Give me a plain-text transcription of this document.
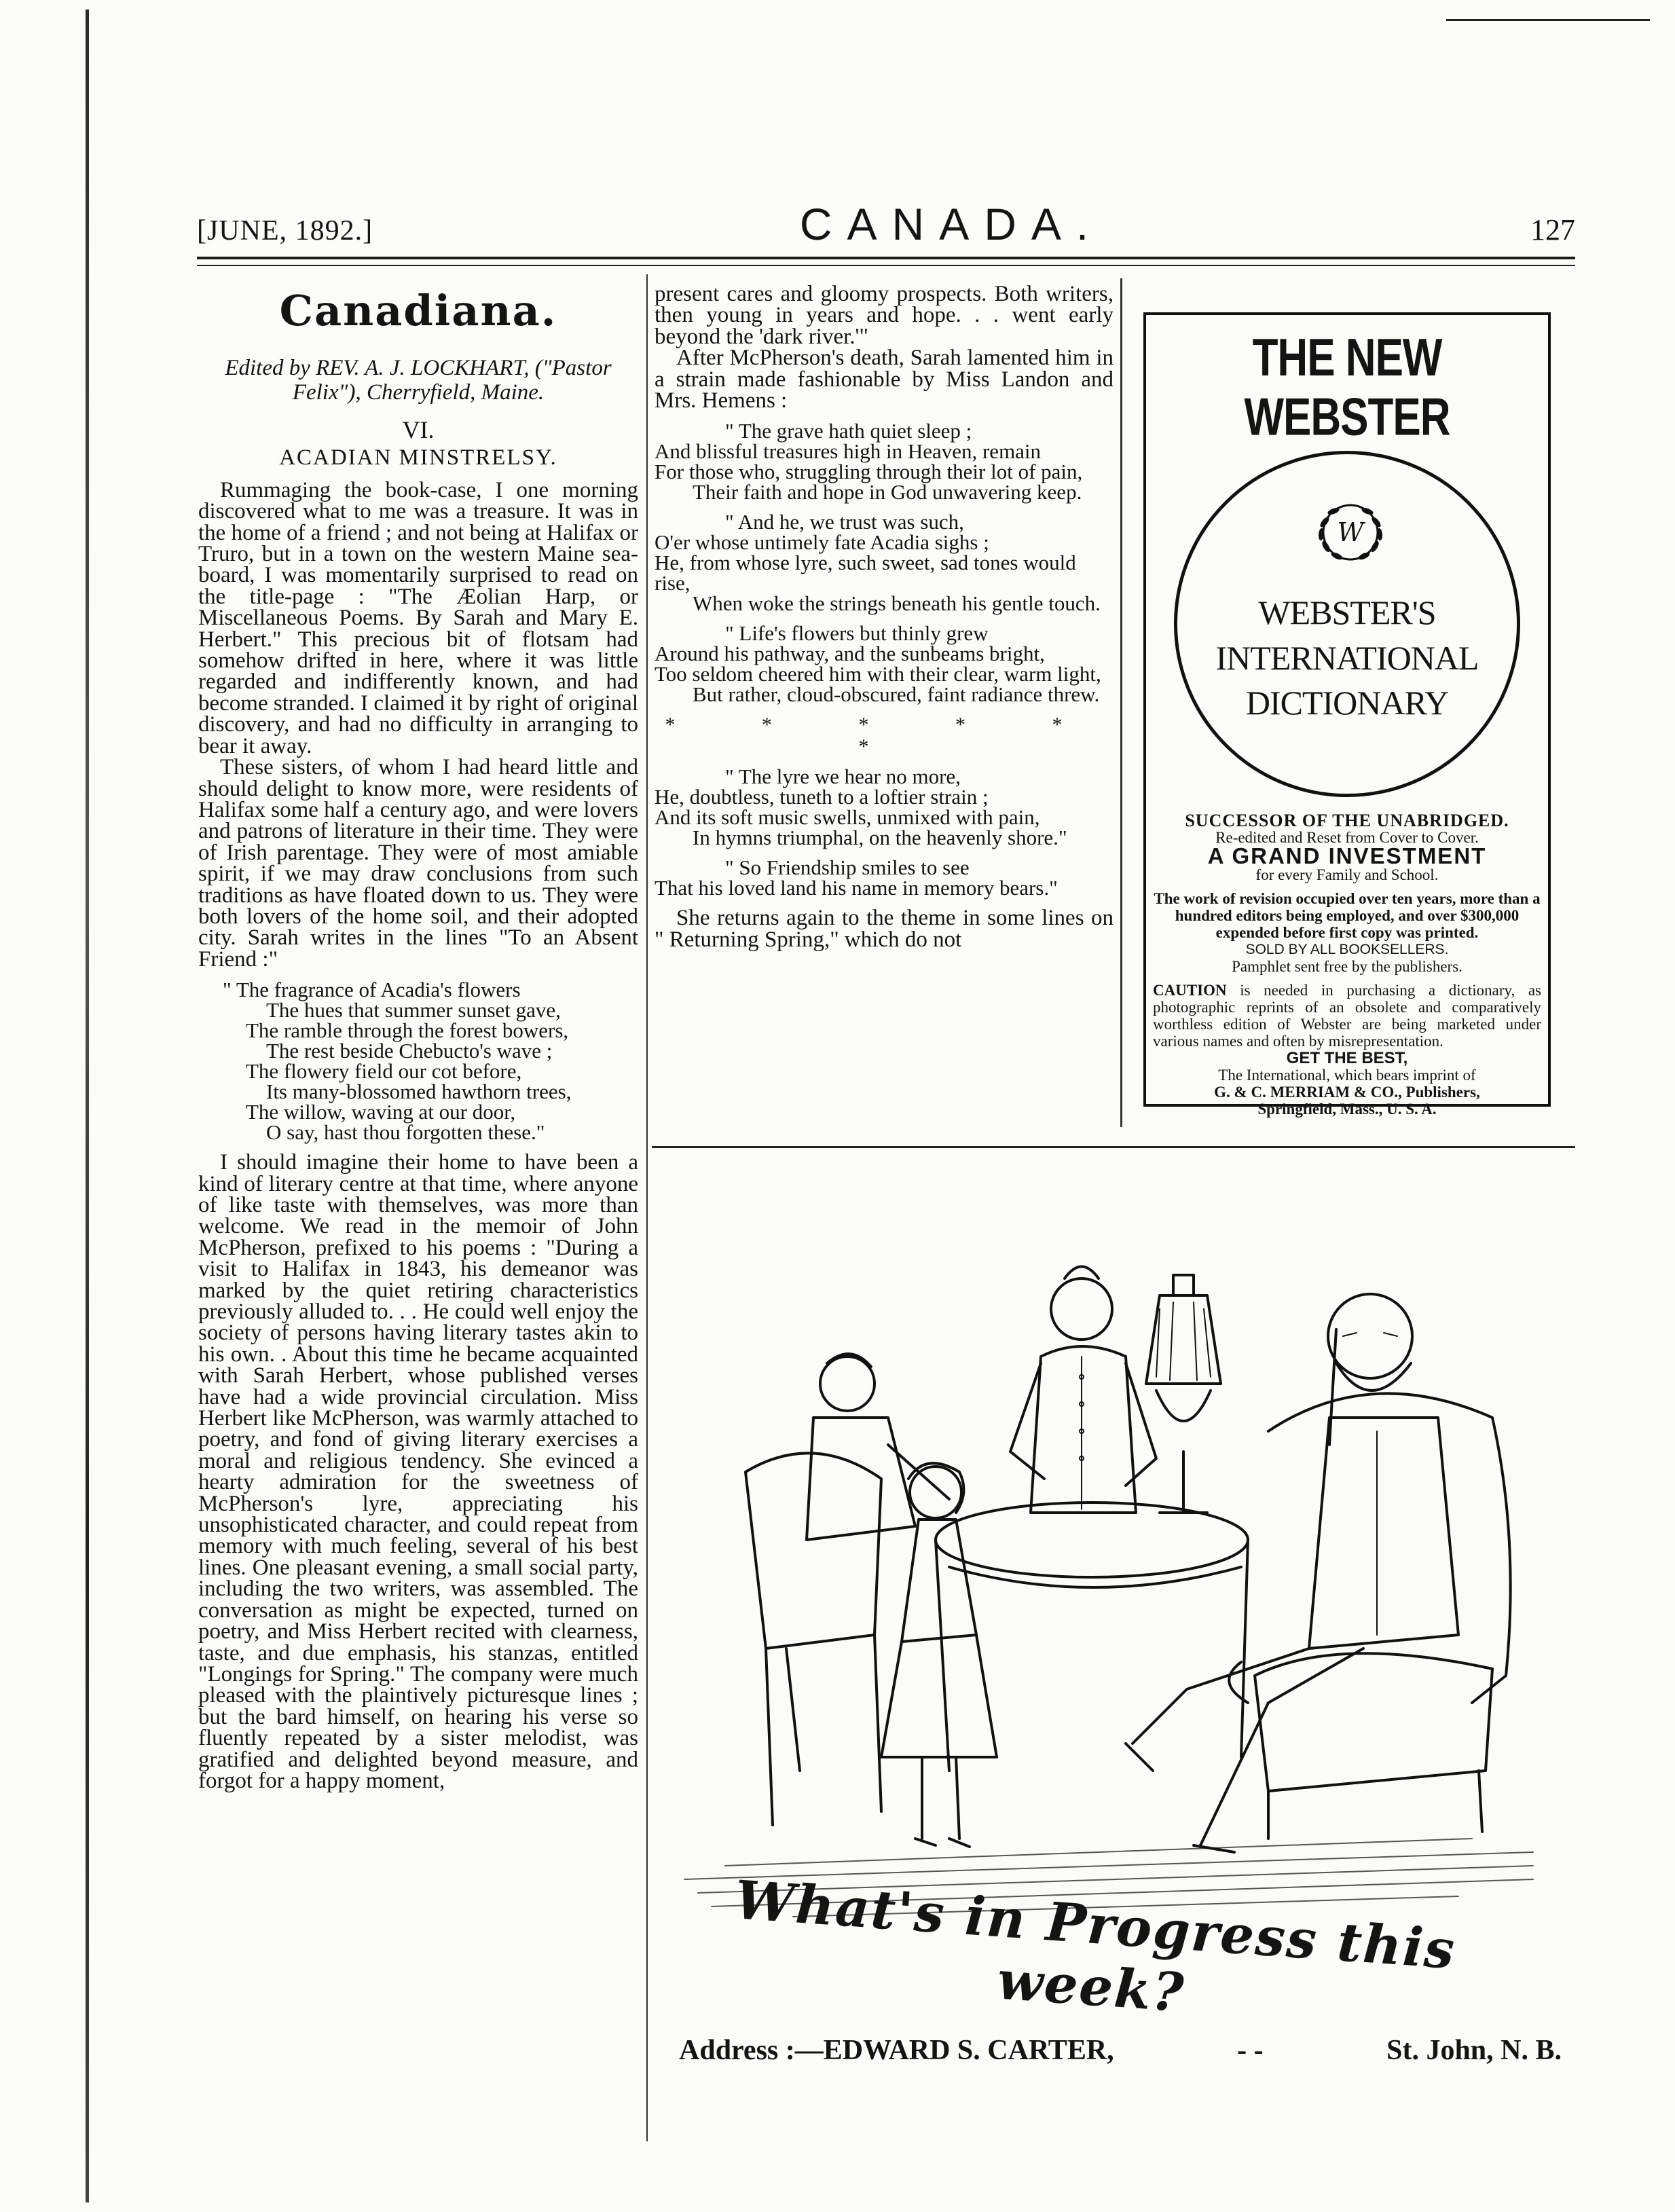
[JUNE, 1892.]	CANADA.	127
Canadiana.
Edited by REV. A. J. LOCKHART, ("Pastor Felix"), Cherryfield, Maine.
VI.
ACADIAN MINSTRELSY.

Rummaging the book-case, I one morning discovered what to me was a treasure. It was in the home of a friend ; and not being at Halifax or Truro, but in a town on the western Maine sea-board, I was momentarily surprised to read on the title-page : "The Æolian Harp, or Miscellaneous Poems. By Sarah and Mary E. Herbert." This precious bit of flotsam had somehow drifted in here, where it was little regarded and indifferently known, and had become stranded. I claimed it by right of original discovery, and had no difficulty in arranging to bear it away.

These sisters, of whom I had heard little and should delight to know more, were residents of Halifax some half a century ago, and were lovers and patrons of literature in their time. They were of Irish parentage. They were of most amiable spirit, if we may draw conclusions from such traditions as have floated down to us. They were both lovers of the home soil, and their adopted city. Sarah writes in the lines "To an Absent Friend :"

" The fragrance of Acadia's flowers
The hues that summer sunset gave,
The ramble through the forest bowers,
The rest beside Chebucto's wave ;
The flowery field our cot before,
Its many-blossomed hawthorn trees,
The willow, waving at our door,
O say, hast thou forgotten these."

I should imagine their home to have been a kind of literary centre at that time, where anyone of like taste with themselves, was more than welcome. We read in the memoir of John McPherson, prefixed to his poems : "During a visit to Halifax in 1843, his demeanor was marked by the quiet retiring characteristics previously alluded to. . . He could well enjoy the society of persons having literary tastes akin to his own. . About this time he became acquainted with Sarah Herbert, whose published verses have had a wide provincial circulation. Miss Herbert like McPherson, was warmly attached to poetry, and fond of giving literary exercises a moral and religious tendency. She evinced a hearty admiration for the sweetness of McPherson's lyre, appreciating his unsophisticated character, and could repeat from memory with much feeling, several of his best lines. One pleasant evening, a small social party, including the two writers, was assembled. The conversation as might be expected, turned on poetry, and Miss Herbert recited with clearness, taste, and due emphasis, his stanzas, entitled "Longings for Spring." The company were much pleased with the plaintively picturesque lines ; but the bard himself, on hearing his verse so fluently repeated by a sister melodist, was gratified and delighted beyond measure, and forgot for a happy moment,

present cares and gloomy prospects. Both writers, then young in years and hope. . . went early beyond the 'dark river.'"

After McPherson's death, Sarah lamented him in a strain made fashionable by Miss Landon and Mrs. Hemens :

" The grave hath quiet sleep ;
And blissful treasures high in Heaven, remain
For those who, struggling through their lot of pain,
Their faith and hope in God unwavering keep.
" And he, we trust was such,
O'er whose untimely fate Acadia sighs ;
He, from whose lyre, such sweet, sad tones would rise,
When woke the strings beneath his gentle touch.
" Life's flowers but thinly grew
Around his pathway, and the sunbeams bright,
Too seldom cheered him with their clear, warm light,
But rather, cloud-obscured, faint radiance threw.
* * * * * *
" The lyre we hear no more,
He, doubtless, tuneth to a loftier strain ;
And its soft music swells, unmixed with pain,
In hymns triumphal, on the heavenly shore."
" So Friendship smiles to see
That his loved land his name in memory bears."

She returns again to the theme in some lines on " Returning Spring," which do not

THE NEW WEBSTER
W
WEBSTER'S
INTERNATIONAL
DICTIONARY
SUCCESSOR OF THE UNABRIDGED.
Re-edited and Reset from Cover to Cover.
A GRAND INVESTMENT
for every Family and School.
The work of revision occupied over ten years, more than a hundred editors being employed, and over $300,000 expended before first copy was printed.
SOLD BY ALL BOOKSELLERS.
Pamphlet sent free by the publishers.
CAUTION is needed in purchasing a dictionary, as photographic reprints of an obsolete and comparatively worthless edition of Webster are being marketed under various names and often by misrepresentation.
GET THE BEST,
The International, which bears imprint of
G. & C. MERRIAM & CO., Publishers,
Springfield, Mass., U. S. A.
What's in Progress this week?
Address :—EDWARD S. CARTER,	- -	St. John, N. B.
